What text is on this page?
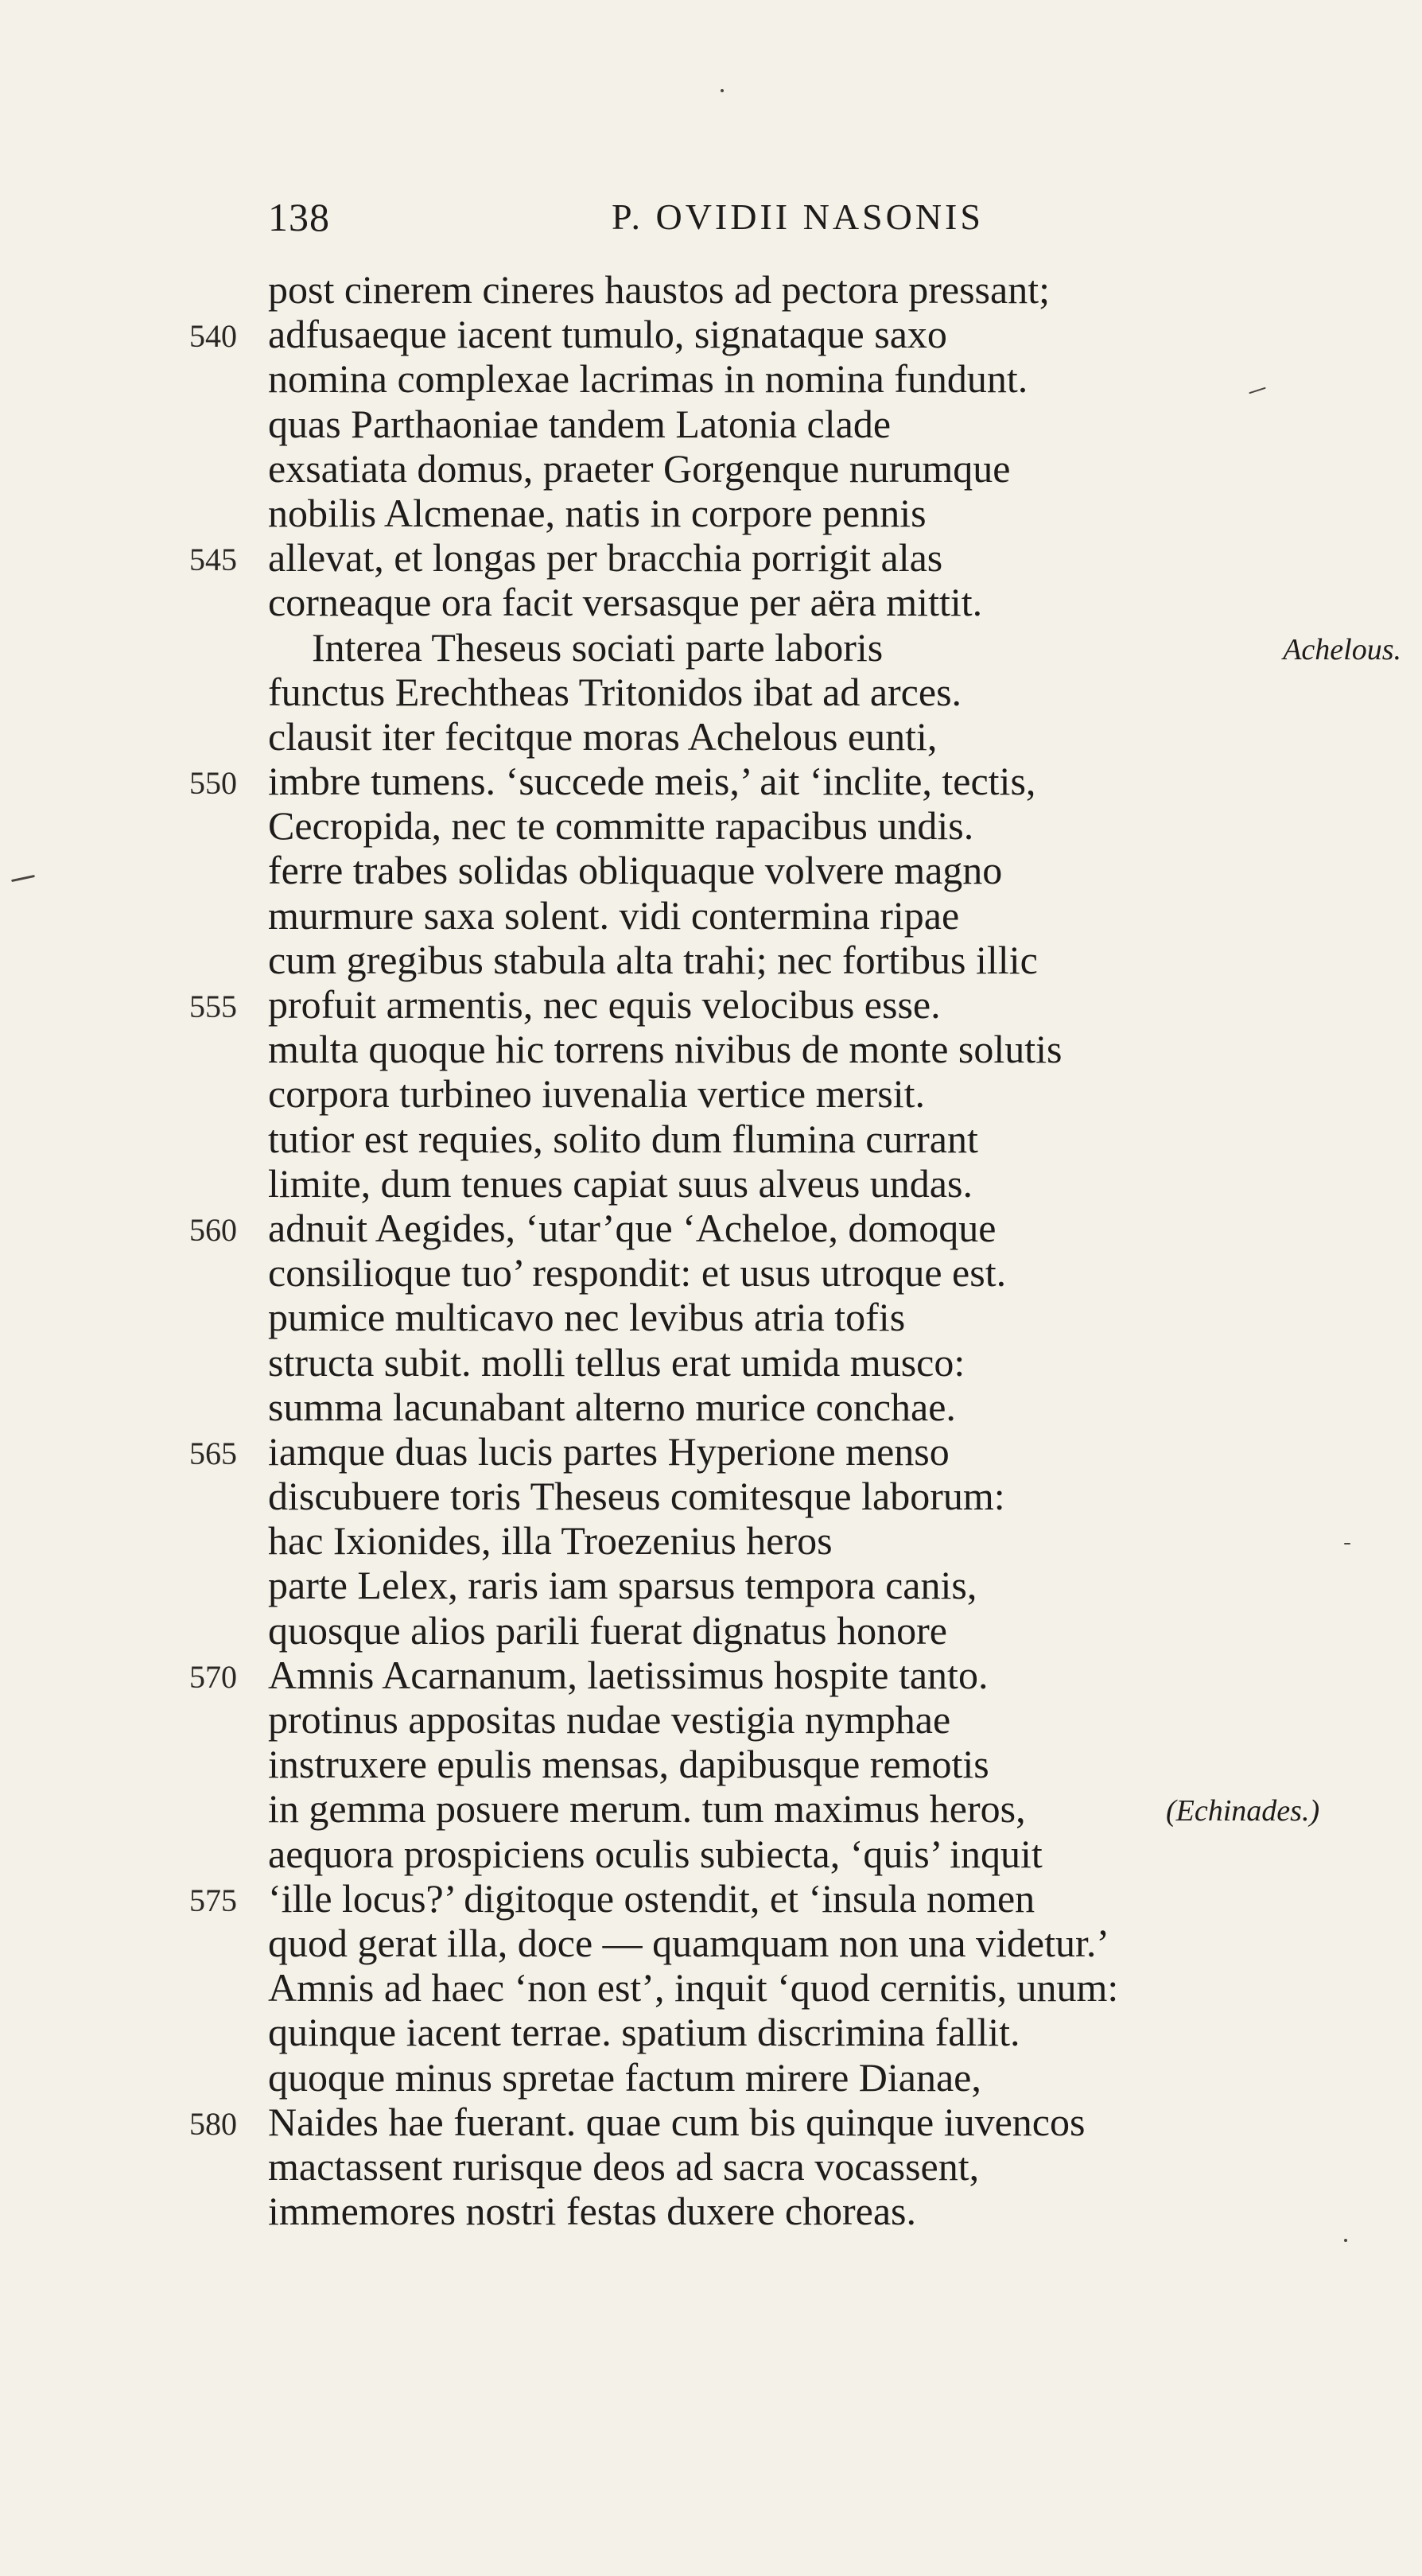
138	P. OVIDII NASONIS
post cinerem cineres haustos ad pectora pressant;
540 adfusaeque iacent tumulo, signataque saxo
nomina complexae lacrimas in nomina fundunt.
quas Parthaoniae tandem Latonia clade
exsatiata domus, praeter Gorgenque nurumque
nobilis Alcmenae, natis in corpore pennis
545 allevat, et longas per bracchia porrigit alas
corneaque ora facit versasque per aëra mittit.
Interea Theseus sociati parte laboris	Achelous.
functus Erechtheas Tritonidos ibat ad arces.
clausit iter fecitque moras Achelous eunti,
550 imbre tumens. ‘succede meis,’ ait ‘inclite, tectis,
Cecropida, nec te committe rapacibus undis.
ferre trabes solidas obliquaque volvere magno
murmure saxa solent. vidi contermina ripae
cum gregibus stabula alta trahi; nec fortibus illic
555 profuit armentis, nec equis velocibus esse.
multa quoque hic torrens nivibus de monte solutis
corpora turbineo iuvenalia vertice mersit.
tutior est requies, solito dum flumina currant
limite, dum tenues capiat suus alveus undas.
560 adnuit Aegides, ‘utar’que ‘Acheloe, domoque
consilioque tuo’ respondit: et usus utroque est.
pumice multicavo nec levibus atria tofis
structa subit. molli tellus erat umida musco:
summa lacunabant alterno murice conchae.
565 iamque duas lucis partes Hyperione menso
discubuere toris Theseus comitesque laborum:
hac Ixionides, illa Troezenius heros
parte Lelex, raris iam sparsus tempora canis,
quosque alios parili fuerat dignatus honore
570 Amnis Acarnanum, laetissimus hospite tanto.
protinus appositas nudae vestigia nymphae
instruxere epulis mensas, dapibusque remotis
in gemma posuere merum. tum maximus heros,	(Echinades.)
aequora prospiciens oculis subiecta, ‘quis’ inquit
575 ‘ille locus?’ digitoque ostendit, et ‘insula nomen
quod gerat illa, doce — quamquam non una videtur.’
Amnis ad haec ‘non est’, inquit ‘quod cernitis, unum:
quinque iacent terrae. spatium discrimina fallit.
quoque minus spretae factum mirere Dianae,
580 Naides hae fuerant. quae cum bis quinque iuvencos
mactassent rurisque deos ad sacra vocassent,
immemores nostri festas duxere choreas.
